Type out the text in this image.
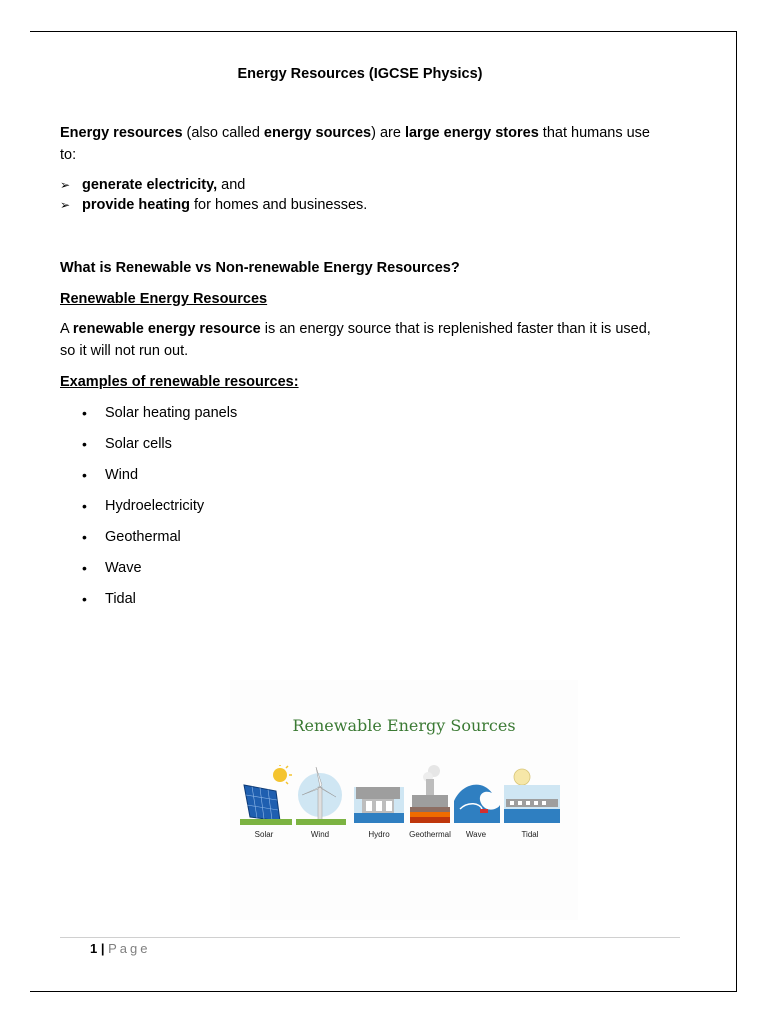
Energy Resources (IGCSE Physics)

Energy resources (also called energy sources) are large energy stores that humans use to:

➢ generate electricity, and
➢ provide heating for homes and businesses.

What is Renewable vs Non-renewable Energy Resources?

Renewable Energy Resources

A renewable energy resource is an energy source that is replenished faster than it is used, so it will not run out.

Examples of renewable resources:

• Solar heating panels
• Solar cells
• Wind
• Hydroelectricity
• Geothermal
• Wave
• Tidal
Renewable Energy Sources
Solar	Wind	Hydro Geothermal Wave	Tidal
1 | Page
